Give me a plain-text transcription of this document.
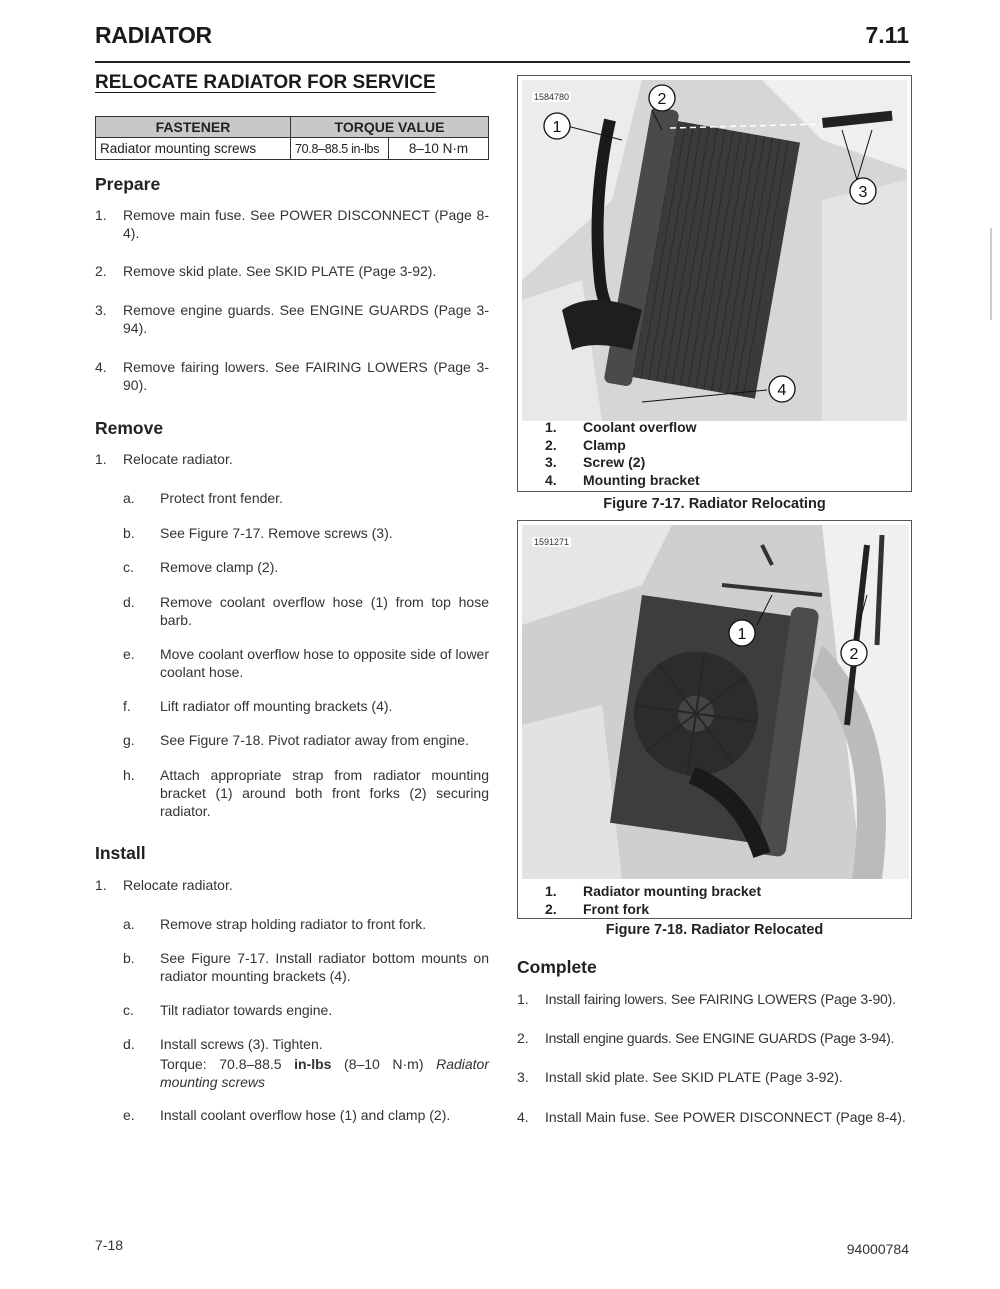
RADIATOR	7.11
RELOCATE RADIATOR FOR SERVICE
FASTENER	TORQUE VALUE	
Radiator mounting screws	70.8–88.5 in-lbs	8–10 N·m
Prepare
1. Remove main fuse. See POWER DISCONNECT (Page 8-4).
2. Remove skid plate. See SKID PLATE (Page 3-92).
3. Remove engine guards. See ENGINE GUARDS (Page 3-94).
4. Remove fairing lowers. See FAIRING LOWERS (Page 3-90).
Remove
1. Relocate radiator.
a. Protect front fender.
b. See Figure 7-17. Remove screws (3).
c. Remove clamp (2).
d. Remove coolant overflow hose (1) from top hose barb.
e. Move coolant overflow hose to opposite side of lower coolant hose.
f. Lift radiator off mounting brackets (4).
g. See Figure 7-18. Pivot radiator away from engine.
h. Attach appropriate strap from radiator mounting bracket (1) around both front forks (2) securing radiator.
Install
1. Relocate radiator.
a. Remove strap holding radiator to front fork.
b. See Figure 7-17. Install radiator bottom mounts on radiator mounting brackets (4).
c. Tilt radiator towards engine.
d. Install screws (3). Tighten.
Torque: 70.8–88.5 in-lbs (8–10 N·m) Radiator mounting screws
e. Install coolant overflow hose (1) and clamp (2).
2
1
3
4
1584780
1. Coolant overflow
2. Clamp
3. Screw (2)
4. Mounting bracket
Figure 7-17. Radiator Relocating
1
2
1591271
1. Radiator mounting bracket
2. Front fork
Figure 7-18. Radiator Relocated
Complete
1. Install fairing lowers. See FAIRING LOWERS (Page 3-90).
2. Install engine guards. See ENGINE GUARDS (Page 3-94).
3. Install skid plate. See SKID PLATE (Page 3-92).
4. Install Main fuse. See POWER DISCONNECT (Page 8-4).
7-18	94000784
